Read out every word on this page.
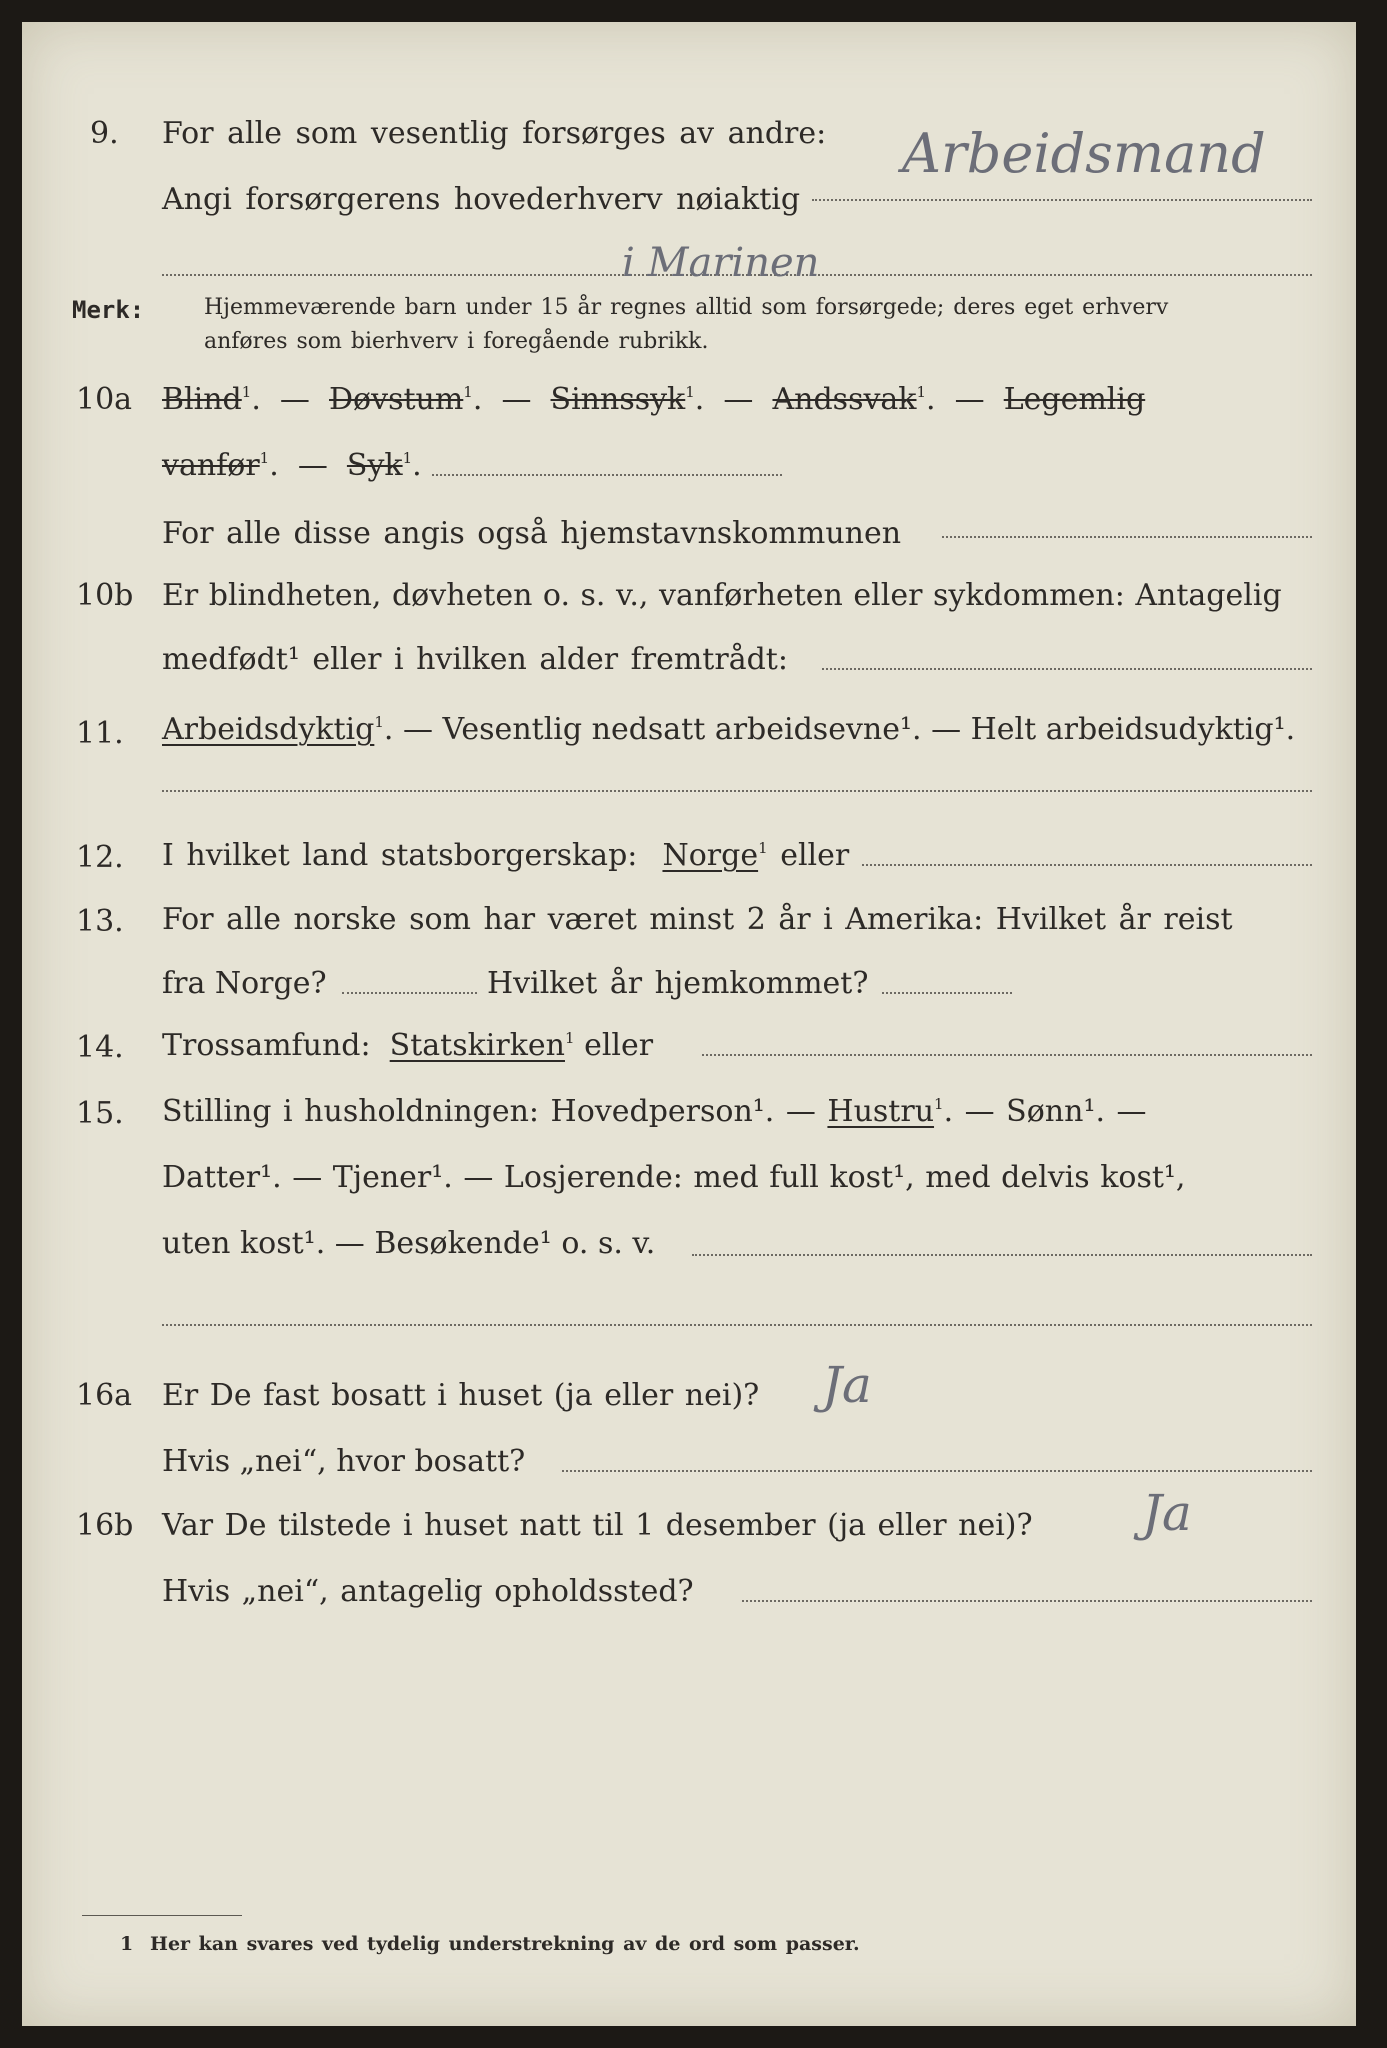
9. For alle som vesentlig forsørges av andre:
Angi forsørgerens hovederhverv nøiaktig
Arbeidsmand
i Marinen
Merk:	Hjemmeværende barn under 15 år regnes alltid som forsørgede; deres eget erhverv
anføres som bierhverv i foregående rubrikk.
10a Blind$^1$.  — Døvstum$^1$.  — Sinnssyk$^1$.  — Andssvak$^1$.  — Legemlig
vanfør$^1$.  — Syk$^1$.
For alle disse angis også hjemstavnskommunen
10b Er blindheten, døvheten o. s. v., vanførheten eller sykdommen: Antagelig
medfødt¹ eller i hvilken alder fremtrådt:
11. Arbeidsdyktig$^1$. — Vesentlig nedsatt arbeidsevne¹. — Helt arbeidsudyktig¹.
12. I hvilket land statsborgerskap: Norge$^1$ eller
13. For alle norske som har været minst 2 år i Amerika: Hvilket år reist
fra Norge?	Hvilket år hjemkommet?
14. Trossamfund: Statskirken$^1$ eller
15. Stilling i husholdningen: Hovedperson¹. — Hustru$^1$. — Sønn¹. —
Datter¹. — Tjener¹. — Losjerende: med full kost¹, med delvis kost¹,
uten kost¹. — Besøkende¹ o. s. v.
16a Er De fast bosatt i huset (ja eller nei)? Ja
Hvis „nei“, hvor bosatt?
16b Var De tilstede i huset natt til 1 desember (ja eller nei)? Ja
Hvis „nei“, antagelig opholdssted?
1 Her kan svares ved tydelig understrekning av de ord som passer.
